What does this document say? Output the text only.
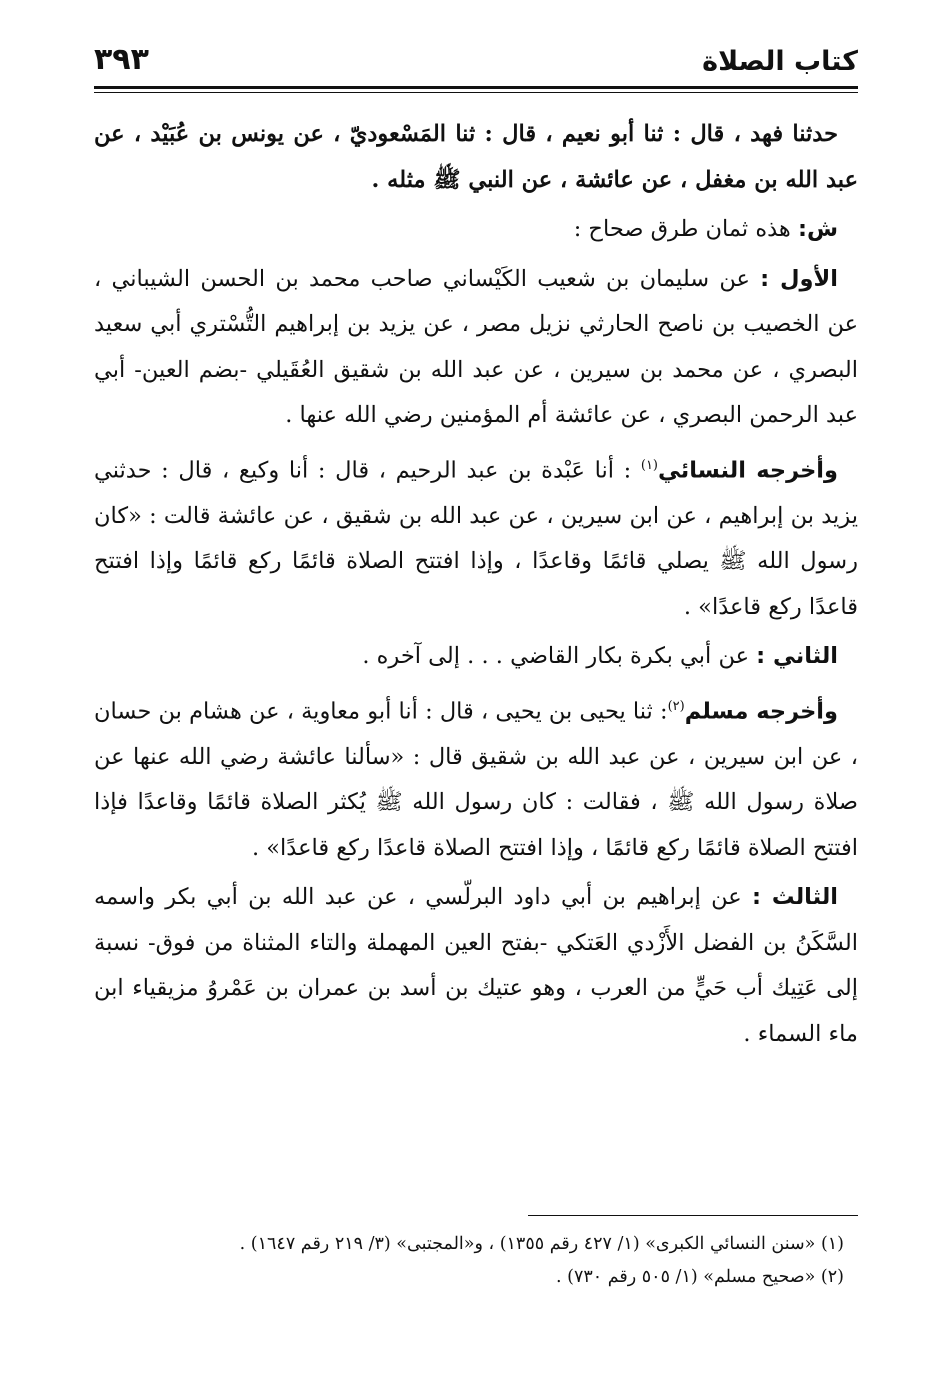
كتاب الصلاة
٣٩٣

حدثنا فهد ، قال : ثنا أبو نعيم ، قال : ثنا المَسْعوديّ ، عن يونس بن عُبَيْد ، عن عبد الله بن مغفل ، عن عائشة ، عن النبي ﷺ مثله .

ش: هذه ثمان طرق صحاح :

الأول : عن سليمان بن شعيب الكَيْساني صاحب محمد بن الحسن الشيباني ، عن الخصيب بن ناصح الحارثي نزيل مصر ، عن يزيد بن إبراهيم التُّسْتري أبي سعيد البصري ، عن محمد بن سيرين ، عن عبد الله بن شقيق العُقَيلي -بضم العين- أبي عبد الرحمن البصري ، عن عائشة أم المؤمنين رضي الله عنها .

وأخرجه النسائي$^{(١)}$ : أنا عَبْدة بن عبد الرحيم ، قال : أنا وكيع ، قال : حدثني يزيد بن إبراهيم ، عن ابن سيرين ، عن عبد الله بن شقيق ، عن عائشة قالت : «كان رسول الله ﷺ يصلي قائمًا وقاعدًا ، وإذا افتتح الصلاة قائمًا ركع قائمًا وإذا افتتح قاعدًا ركع قاعدًا» .

الثاني : عن أبي بكرة بكار القاضي . . . إلى آخره .

وأخرجه مسلم$^{(٢)}$: ثنا يحيى بن يحيى ، قال : أنا أبو معاوية ، عن هشام بن حسان ، عن ابن سيرين ، عن عبد الله بن شقيق قال : «سألنا عائشة رضي الله عنها عن صلاة رسول الله ﷺ ، فقالت : كان رسول الله ﷺ يُكثر الصلاة قائمًا وقاعدًا فإذا افتتح الصلاة قائمًا ركع قائمًا ، وإذا افتتح الصلاة قاعدًا ركع قاعدًا» .

الثالث : عن إبراهيم بن أبي داود البرلّسي ، عن عبد الله بن أبي بكر واسمه السَّكَنُ بن الفضل الأَزْدي العَتكي -بفتح العين المهملة والتاء المثناة من فوق- نسبة إلى عَتِيك أب حَيٍّ من العرب ، وهو عتيك بن أسد بن عمران بن عَمْروُ مزيقياء ابن ماء السماء .

(١) «سنن النسائي الكبرى» (١/ ٤٢٧ رقم ١٣٥٥) ، و«المجتبى» (٣/ ٢١٩ رقم ١٦٤٧) .
(٢) «صحيح مسلم» (١/ ٥٠٥ رقم ٧٣٠) .
